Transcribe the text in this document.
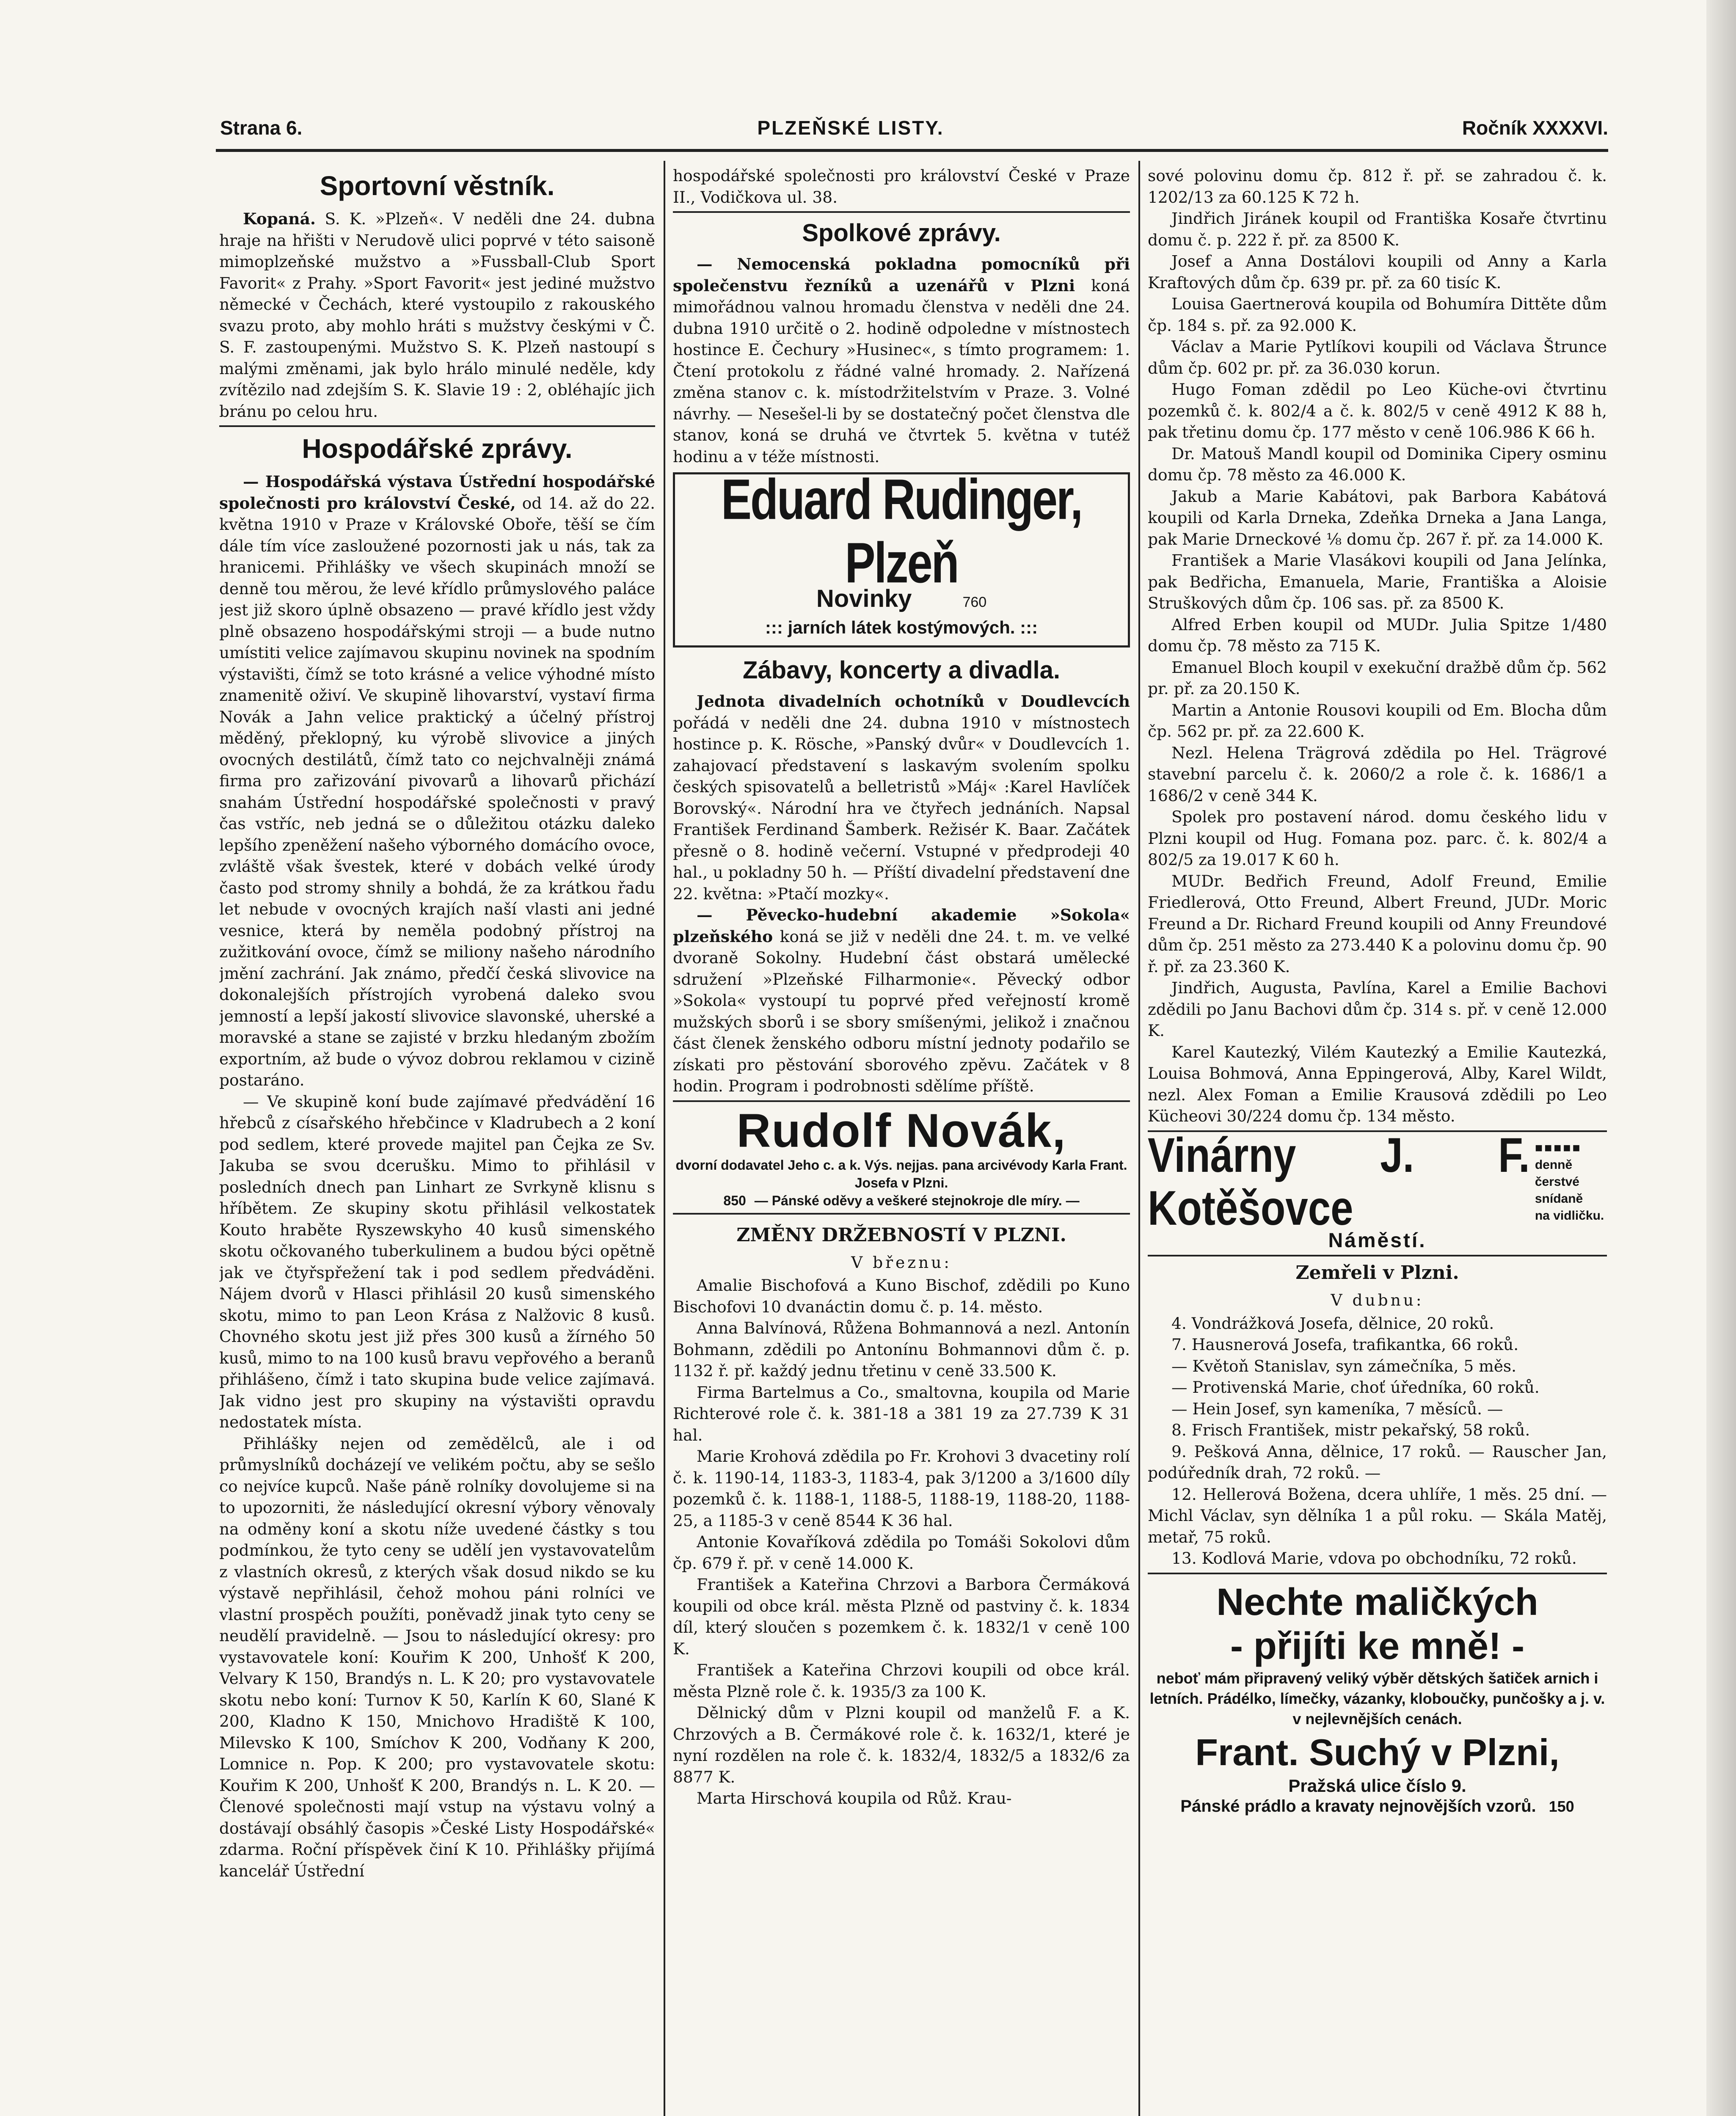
Strana 6.	PLZEŇSKÉ LISTY.	Ročník XXXXVI.
Sportovní věstník.

Kopaná. S. K. »Plzeň«. V neděli dne 24. dubna hraje na hřišti v Nerudově ulici poprvé v této saisoně mimoplzeňské mužstvo a »Fussball-Club Sport Favorit« z Prahy. »Sport Favorit« jest jediné mužstvo německé v Čechách, které vystoupilo z rakouského svazu proto, aby mohlo hráti s mužstvy českými v Č. S. F. zastoupenými. Mužstvo S. K. Plzeň nastoupí s malými změnami, jak bylo hrálo minulé neděle, kdy zvítězilo nad zdejším S. K. Slavie 19 : 2, obléhajíc jich bránu po celou hru.

Hospodářské zprávy.

— Hospodářská výstava Ústřední hospodářské společnosti pro království České, od 14. až do 22. května 1910 v Praze v Královské Oboře, těší se čím dále tím více zasloužené pozornosti jak u nás, tak za hranicemi. Přihlášky ve všech skupinách množí se denně tou měrou, že levé křídlo průmyslového paláce jest již skoro úplně obsazeno — pravé křídlo jest vždy plně obsazeno hospodářskými stroji — a bude nutno umístiti velice zajímavou skupinu novinek na spodním výstavišti, čímž se toto krásné a velice výhodné místo znamenitě oživí. Ve skupině lihovarství, vystaví firma Novák a Jahn velice praktický a účelný přístroj měděný, překlopný, ku výrobě slivovice a jiných ovocných destilátů, čímž tato co nejchvalněji známá firma pro zařizování pivovarů a lihovarů přichází snahám Ústřední hospodářské společnosti v pravý čas vstříc, neb jedná se o důležitou otázku daleko lepšího zpeněžení našeho výborného domácího ovoce, zvláště však švestek, které v dobách velké úrody často pod stromy shnily a bohdá, že za krátkou řadu let nebude v ovocných krajích naší vlasti ani jedné vesnice, která by neměla podobný přístroj na zužitkování ovoce, čímž se miliony našeho národního jmění zachrání. Jak známo, předčí česká slivovice na dokonalejších přístrojích vyrobená daleko svou jemností a lepší jakostí slivovice slavonské, uherské a moravské a stane se zajisté v brzku hledaným zbožím exportním, až bude o vývoz dobrou reklamou v cizině postaráno.

— Ve skupině koní bude zajímavé předvádění 16 hřebců z císařského hřebčince v Kladrubech a 2 koní pod sedlem, které provede majitel pan Čejka ze Sv. Jakuba se svou dcerušku. Mimo to přihlásil v posledních dnech pan Linhart ze Svrkyně klisnu s hříbětem. Ze skupiny skotu přihlásil velkostatek Kouto hraběte Ryszewskyho 40 kusů simenského skotu očkovaného tuberkulinem a budou býci opětně jak ve čtyřspřežení tak i pod sedlem předváděni. Nájem dvorů v Hlasci přihlásil 20 kusů simenského skotu, mimo to pan Leon Krása z Nalžovic 8 kusů. Chovného skotu jest již přes 300 kusů a žírného 50 kusů, mimo to na 100 kusů bravu vepřového a beranů přihlášeno, čímž i tato skupina bude velice zajímavá. Jak vidno jest pro skupiny na výstavišti opravdu nedostatek místa.

Přihlášky nejen od zemědělců, ale i od průmyslníků docházejí ve velikém počtu, aby se sešlo co nejvíce kupců. Naše páně rolníky dovolujeme si na to upozorniti, že následující okresní výbory věnovaly na odměny koní a skotu níže uvedené částky s tou podmínkou, že tyto ceny se udělí jen vystavovatelům z vlastních okresů, z kterých však dosud nikdo se ku výstavě nepřihlásil, čehož mohou páni rolníci ve vlastní prospěch použíti, poněvadž jinak tyto ceny se neudělí pravidelně. — Jsou to následující okresy: pro vystavovatele koní: Kouřim K 200, Unhošť K 200, Velvary K 150, Brandýs n. L. K 20; pro vystavovatele skotu nebo koní: Turnov K 50, Karlín K 60, Slané K 200, Kladno K 150, Mnichovo Hradiště K 100, Milevsko K 100, Smíchov K 200, Vodňany K 200, Lomnice n. Pop. K 200; pro vystavovatele skotu: Kouřim K 200, Unhošť K 200, Brandýs n. L. K 20. — Členové společnosti mají vstup na výstavu volný a dostávají obsáhlý časopis »České Listy Hospodářské« zdarma. Roční příspěvek činí K 10. Přihlášky přijímá kancelář Ústřední

hospodářské společnosti pro království České v Praze II., Vodičkova ul. 38.

Spolkové zprávy.

— Nemocenská pokladna pomocníků při společenstvu řezníků a uzenářů v Plzni koná mimořádnou valnou hromadu členstva v neděli dne 24. dubna 1910 určitě o 2. hodině odpoledne v místnostech hostince E. Čechury »Husinec«, s tímto programem: 1. Čtení protokolu z řádné valné hromady. 2. Nařízená změna stanov c. k. místodržitelstvím v Praze. 3. Volné návrhy. — Nesešel-li by se dostatečný počet členstva dle stanov, koná se druhá ve čtvrtek 5. května v tutéž hodinu a v téže místnosti.

Eduard Rudinger, Plzeň
Novinky	760
::: jarních látek kostýmových. :::
Zábavy, koncerty a divadla.

Jednota divadelních ochotníků v Doudlevcích pořádá v neděli dne 24. dubna 1910 v místnostech hostince p. K. Rösche, »Panský dvůr« v Doudlevcích 1. zahajovací představení s laskavým svolením spolku českých spisovatelů a belletristů »Máj« :Karel Havlíček Borovský«. Národní hra ve čtyřech jednáních. Napsal František Ferdinand Šamberk. Režisér K. Baar. Začátek přesně o 8. hodině večerní. Vstupné v předprodeji 40 hal., u pokladny 50 h. — Příští divadelní představení dne 22. května: »Ptačí mozky«.

— Pěvecko-hudební akademie »Sokola« plzeňského koná se již v neděli dne 24. t. m. ve velké dvoraně Sokolny. Hudební část obstará umělecké sdružení »Plzeňské Filharmonie«. Pěvecký odbor »Sokola« vystoupí tu poprvé před veřejností kromě mužských sborů i se sbory smíšenými, jelikož i značnou část členek ženského odboru místní jednoty podařilo se získati pro pěstování sborového zpěvu. Začátek v 8 hodin. Program i podrobnosti sdělíme příště.

Rudolf Novák,
dvorní dodavatel Jeho c. a k. Výs. nejjas. pana arcivévody Karla Frant. Josefa v Plzni.
850 — Pánské oděvy a veškeré stejnokroje dle míry. —
ZMĚNY DRŽEBNOSTÍ V PLZNI.
V březnu:

Amalie Bischofová a Kuno Bischof, zdědili po Kuno Bischofovi 10 dvanáctin domu č. p. 14. město.

Anna Balvínová, Růžena Bohmannová a nezl. Antonín Bohmann, zdědili po Antonínu Bohmannovi dům č. p. 1132 ř. př. každý jednu třetinu v ceně 33.500 K.

Firma Bartelmus a Co., smaltovna, koupila od Marie Richterové role č. k. 381-18 a 381 19 za 27.739 K 31 hal.

Marie Krohová zdědila po Fr. Krohovi 3 dvacetiny rolí č. k. 1190-14, 1183-3, 1183-4, pak 3/1200 a 3/1600 díly pozemků č. k. 1188-1, 1188-5, 1188-19, 1188-20, 1188-25, a 1185-3 v ceně 8544 K 36 hal.

Antonie Kovaříková zdědila po Tomáši Sokolovi dům čp. 679 ř. př. v ceně 14.000 K.

František a Kateřina Chrzovi a Barbora Čermáková koupili od obce král. města Plzně od pastviny č. k. 1834 díl, který sloučen s pozemkem č. k. 1832/1 v ceně 100 K.

František a Kateřina Chrzovi koupili od obce král. města Plzně role č. k. 1935/3 za 100 K.

Dělnický dům v Plzni koupil od manželů F. a K. Chrzových a B. Čermákové role č. k. 1632/1, které je nyní rozdělen na role č. k. 1832/4, 1832/5 a 1832/6 za 8877 K.

Marta Hirschová koupila od Růž. Krau-

sové polovinu domu čp. 812 ř. př. se zahradou č. k. 1202/13 za 60.125 K 72 h.

Jindřich Jiránek koupil od Františka Kosaře čtvrtinu domu č. p. 222 ř. př. za 8500 K.

Josef a Anna Dostálovi koupili od Anny a Karla Kraftových dům čp. 639 pr. př. za 60 tisíc K.

Louisa Gaertnerová koupila od Bohumíra Dittěte dům čp. 184 s. př. za 92.000 K.

Václav a Marie Pytlíkovi koupili od Václava Štrunce dům čp. 602 pr. př. za 36.030 korun.

Hugo Foman zdědil po Leo Küche-ovi čtvrtinu pozemků č. k. 802/4 a č. k. 802/5 v ceně 4912 K 88 h, pak třetinu domu čp. 177 město v ceně 106.986 K 66 h.

Dr. Matouš Mandl koupil od Dominika Cipery osminu domu čp. 78 město za 46.000 K.

Jakub a Marie Kabátovi, pak Barbora Kabátová koupili od Karla Drneka, Zdeňka Drneka a Jana Langa, pak Marie Drneckové ⅟₈ domu čp. 267 ř. př. za 14.000 K.

František a Marie Vlasákovi koupili od Jana Jelínka, pak Bedřicha, Emanuela, Marie, Františka a Aloisie Struškových dům čp. 106 sas. př. za 8500 K.

Alfred Erben koupil od MUDr. Julia Spitze 1/480 domu čp. 78 město za 715 K.

Emanuel Bloch koupil v exekuční dražbě dům čp. 562 pr. př. za 20.150 K.

Martin a Antonie Rousovi koupili od Em. Blocha dům čp. 562 pr. př. za 22.600 K.

Nezl. Helena Trägrová zdědila po Hel. Trägrové stavební parcelu č. k. 2060/2 a role č. k. 1686/1 a 1686/2 v ceně 344 K.

Spolek pro postavení národ. domu českého lidu v Plzni koupil od Hug. Fomana poz. parc. č. k. 802/4 a 802/5 za 19.017 K 60 h.

MUDr. Bedřich Freund, Adolf Freund, Emilie Friedlerová, Otto Freund, Albert Freund, JUDr. Moric Freund a Dr. Richard Freund koupili od Anny Freundové dům čp. 251 město za 273.440 K a polovinu domu čp. 90 ř. př. za 23.360 K.

Jindřich, Augusta, Pavlína, Karel a Emilie Bachovi zdědili po Janu Bachovi dům čp. 314 s. př. v ceně 12.000 K.

Karel Kautezký, Vilém Kautezký a Emilie Kautezká, Louisa Bohmová, Anna Eppingerová, Alby, Karel Wildt, nezl. Alex Foman a Emilie Krausová zdědili po Leo Kücheovi 30/224 domu čp. 134 město.

Vinárny J. F. Kotěšovce
■■■■■
denně čerstvé
snídaně
na vidličku.
Náměstí.
Zemřeli v Plzni.
V dubnu:

4. Vondrážková Josefa, dělnice, 20 roků.

7. Hausnerová Josefa, trafikantka, 66 roků.

— Květoň Stanislav, syn zámečníka, 5 měs.

— Protivenská Marie, choť úředníka, 60 roků.

— Hein Josef, syn kameníka, 7 měsíců. —

8. Frisch František, mistr pekařský, 58 roků.

9. Pešková Anna, dělnice, 17 roků. — Rauscher Jan, podúředník drah, 72 roků. —

12. Hellerová Božena, dcera uhlíře, 1 měs. 25 dní. — Michl Václav, syn dělníka 1 a půl roku. — Skála Matěj, metař, 75 roků.

13. Kodlová Marie, vdova po obchodníku, 72 roků.

Nechte maličkých
- přijíti ke mně! -
neboť mám připravený veliký výběr dětských šatiček arnich i letních. Prádélko, límečky, vázanky, kloboučky, punčošky a j. v. v nejlevnějších cenách.
Frant. Suchý v Plzni,
Pražská ulice číslo 9.
Pánské prádlo a kravaty nejnovějších vzorů. 150
